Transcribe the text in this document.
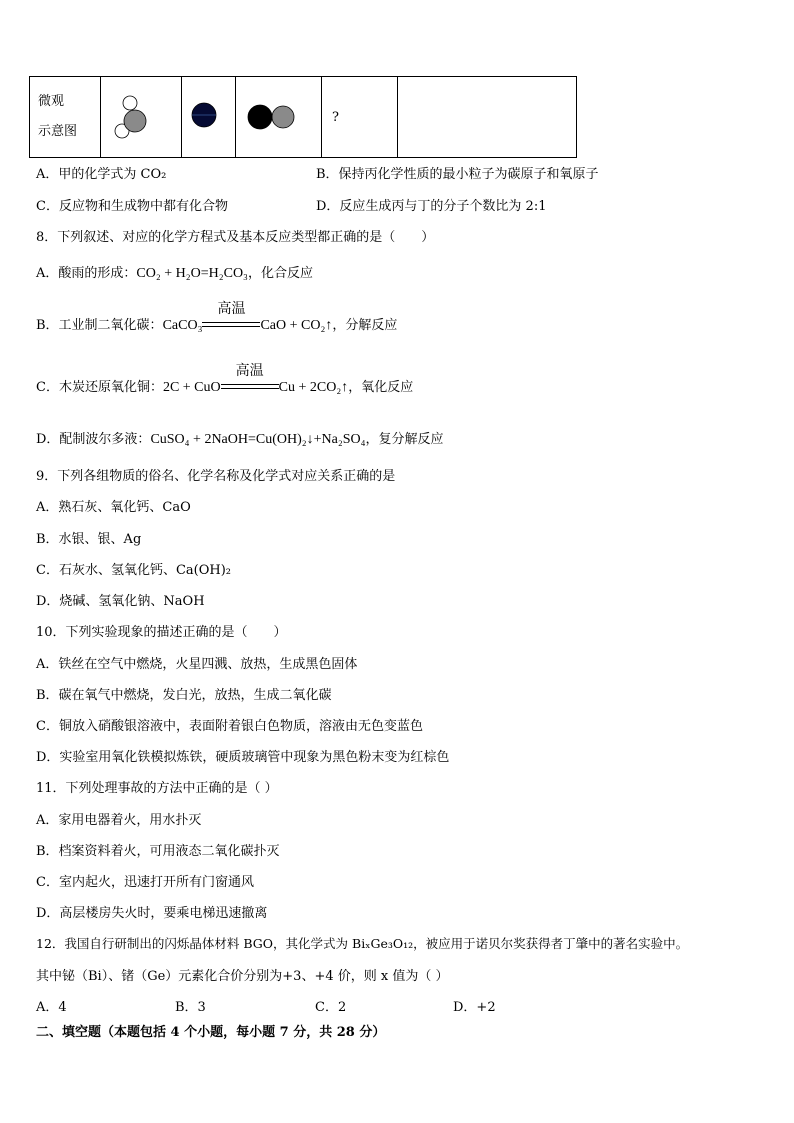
微观
示意图
				?	
A．甲的化学式为 CO₂	B．保持丙化学性质的最小粒子为碳原子和氧原子
C．反应物和生成物中都有化合物	D．反应生成丙与丁的分子个数比为 2:1
8．下列叙述、对应的化学方程式及基本反应类型都正确的是（　　）
A．酸雨的形成：CO₂ + H₂O=H₂CO₃，化合反应
B．工业制二氧化碳：CaCO₃
高温
CaO + CO₂↑，分解反应
C．木炭还原氧化铜：2C + CuO
高温
Cu + 2CO₂↑，氧化反应
D．配制波尔多液：CuSO₄ + 2NaOH=Cu(OH)₂↓+Na₂SO₄，复分解反应
9．下列各组物质的俗名、化学名称及化学式对应关系正确的是
A．熟石灰、氧化钙、CaO
B．水银、银、Ag
C．石灰水、氢氧化钙、Ca(OH)₂
D．烧碱、氢氧化钠、NaOH
10．下列实验现象的描述正确的是（　　）
A．铁丝在空气中燃烧，火星四溅、放热，生成黑色固体
B．碳在氧气中燃烧，发白光，放热，生成二氧化碳
C．铜放入硝酸银溶液中，表面附着银白色物质，溶液由无色变蓝色
D．实验室用氧化铁模拟炼铁，硬质玻璃管中现象为黑色粉末变为红棕色
11．下列处理事故的方法中正确的是（ ）
A．家用电器着火，用水扑灭
B．档案资料着火，可用液态二氧化碳扑灭
C．室内起火，迅速打开所有门窗通风
D．高层楼房失火时，要乘电梯迅速撤离
12．我国自行研制出的闪烁晶体材料 BGO，其化学式为 BiₓGe₃O₁₂，被应用于诺贝尔奖获得者丁肇中的著名实验中。
其中铋（Bi）、锗（Ge）元素化合价分别为+3、+4 价，则 x 值为（ ）
A．4	B．3	C．2	D．+2
二、填空题（本题包括 4 个小题，每小题 7 分，共 28 分）
